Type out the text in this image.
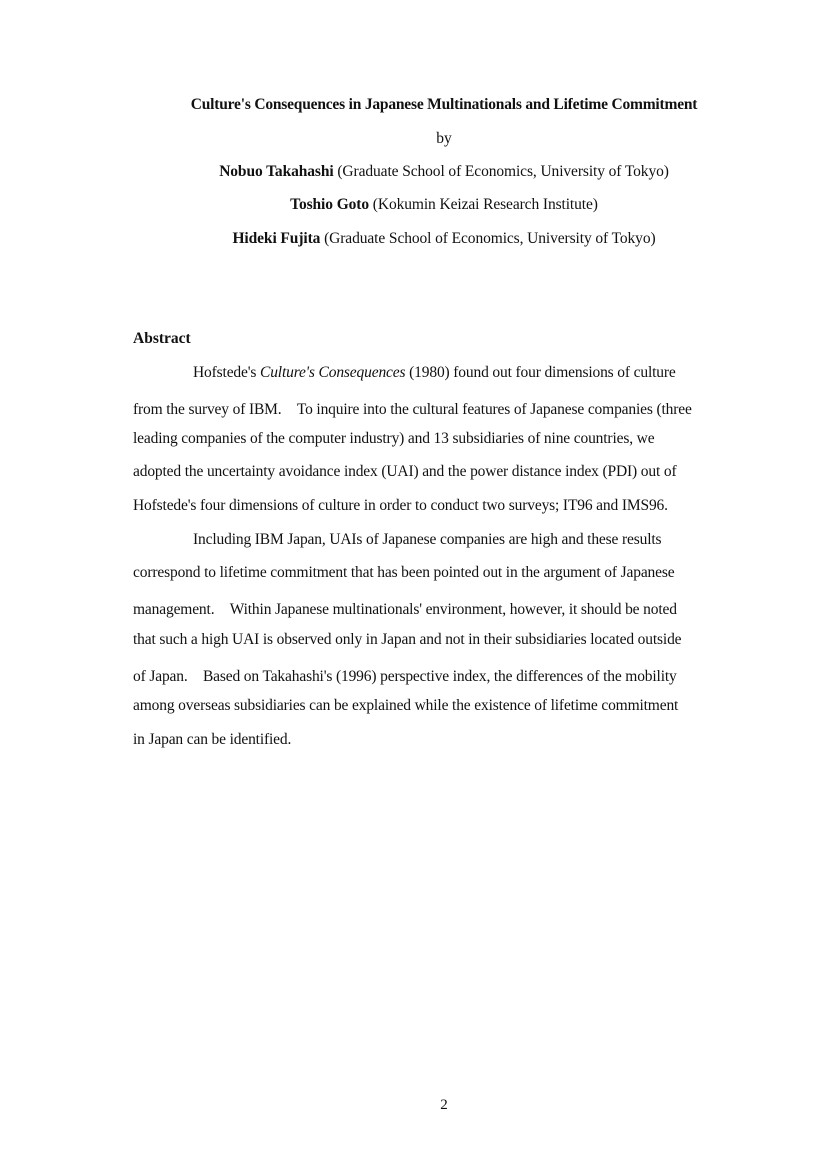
Culture's Consequences in Japanese Multinationals and Lifetime Commitment
by
Nobuo Takahashi (Graduate School of Economics, University of Tokyo)
Toshio Goto (Kokumin Keizai Research Institute)
Hideki Fujita (Graduate School of Economics, University of Tokyo)
Abstract
Hofstede's Culture's Consequences (1980) found out four dimensions of culture
from the survey of IBM.　To inquire into the cultural features of Japanese companies (three
leading companies of the computer industry) and 13 subsidiaries of nine countries, we
adopted the uncertainty avoidance index (UAI) and the power distance index (PDI) out of
Hofstede's four dimensions of culture in order to conduct two surveys; IT96 and IMS96.
Including IBM Japan, UAIs of Japanese companies are high and these results
correspond to lifetime commitment that has been pointed out in the argument of Japanese
management.　Within Japanese multinationals' environment, however, it should be noted
that such a high UAI is observed only in Japan and not in their subsidiaries located outside
of Japan.　Based on Takahashi's (1996) perspective index, the differences of the mobility
among overseas subsidiaries can be explained while the existence of lifetime commitment
in Japan can be identified.
2
